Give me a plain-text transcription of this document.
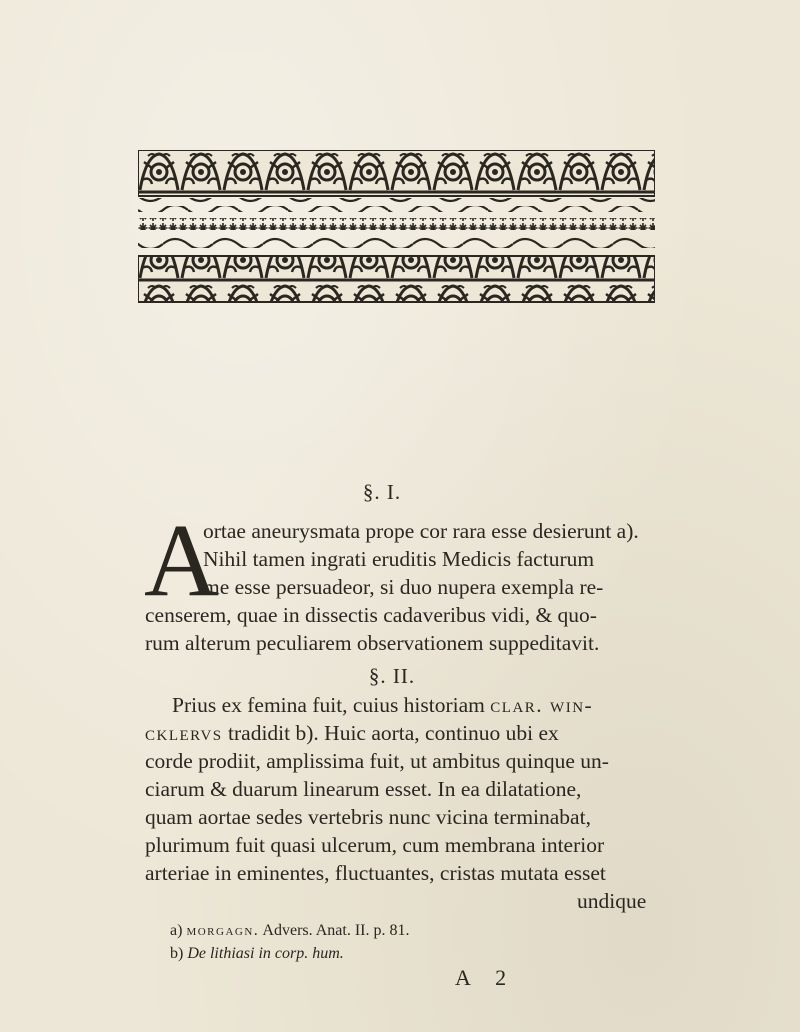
§. I.
A
ortae aneurysmata prope cor rara esse desierunt a).
Nihil tamen ingrati eruditis Medicis facturum
me esse persuadeor, si duo nupera exempla re-
censerem, quae in dissectis cadaveribus vidi, & quo-
rum alterum peculiarem observationem suppeditavit.
§. II.
Prius ex femina fuit, cuius historiam clar. win-
cklervs tradidit b). Huic aorta, continuo ubi ex
corde prodiit, amplissima fuit, ut ambitus quinque un-
ciarum & duarum linearum esset. In ea dilatatione,
quam aortae sedes vertebris nunc vicina terminabat,
plurimum fuit quasi ulcerum, cum membrana interior
arteriae in eminentes, fluctuantes, cristas mutata esset
undique
a) morgagn. Advers. Anat. II. p. 81.
b) De lithiasi in corp. hum.
A 2
